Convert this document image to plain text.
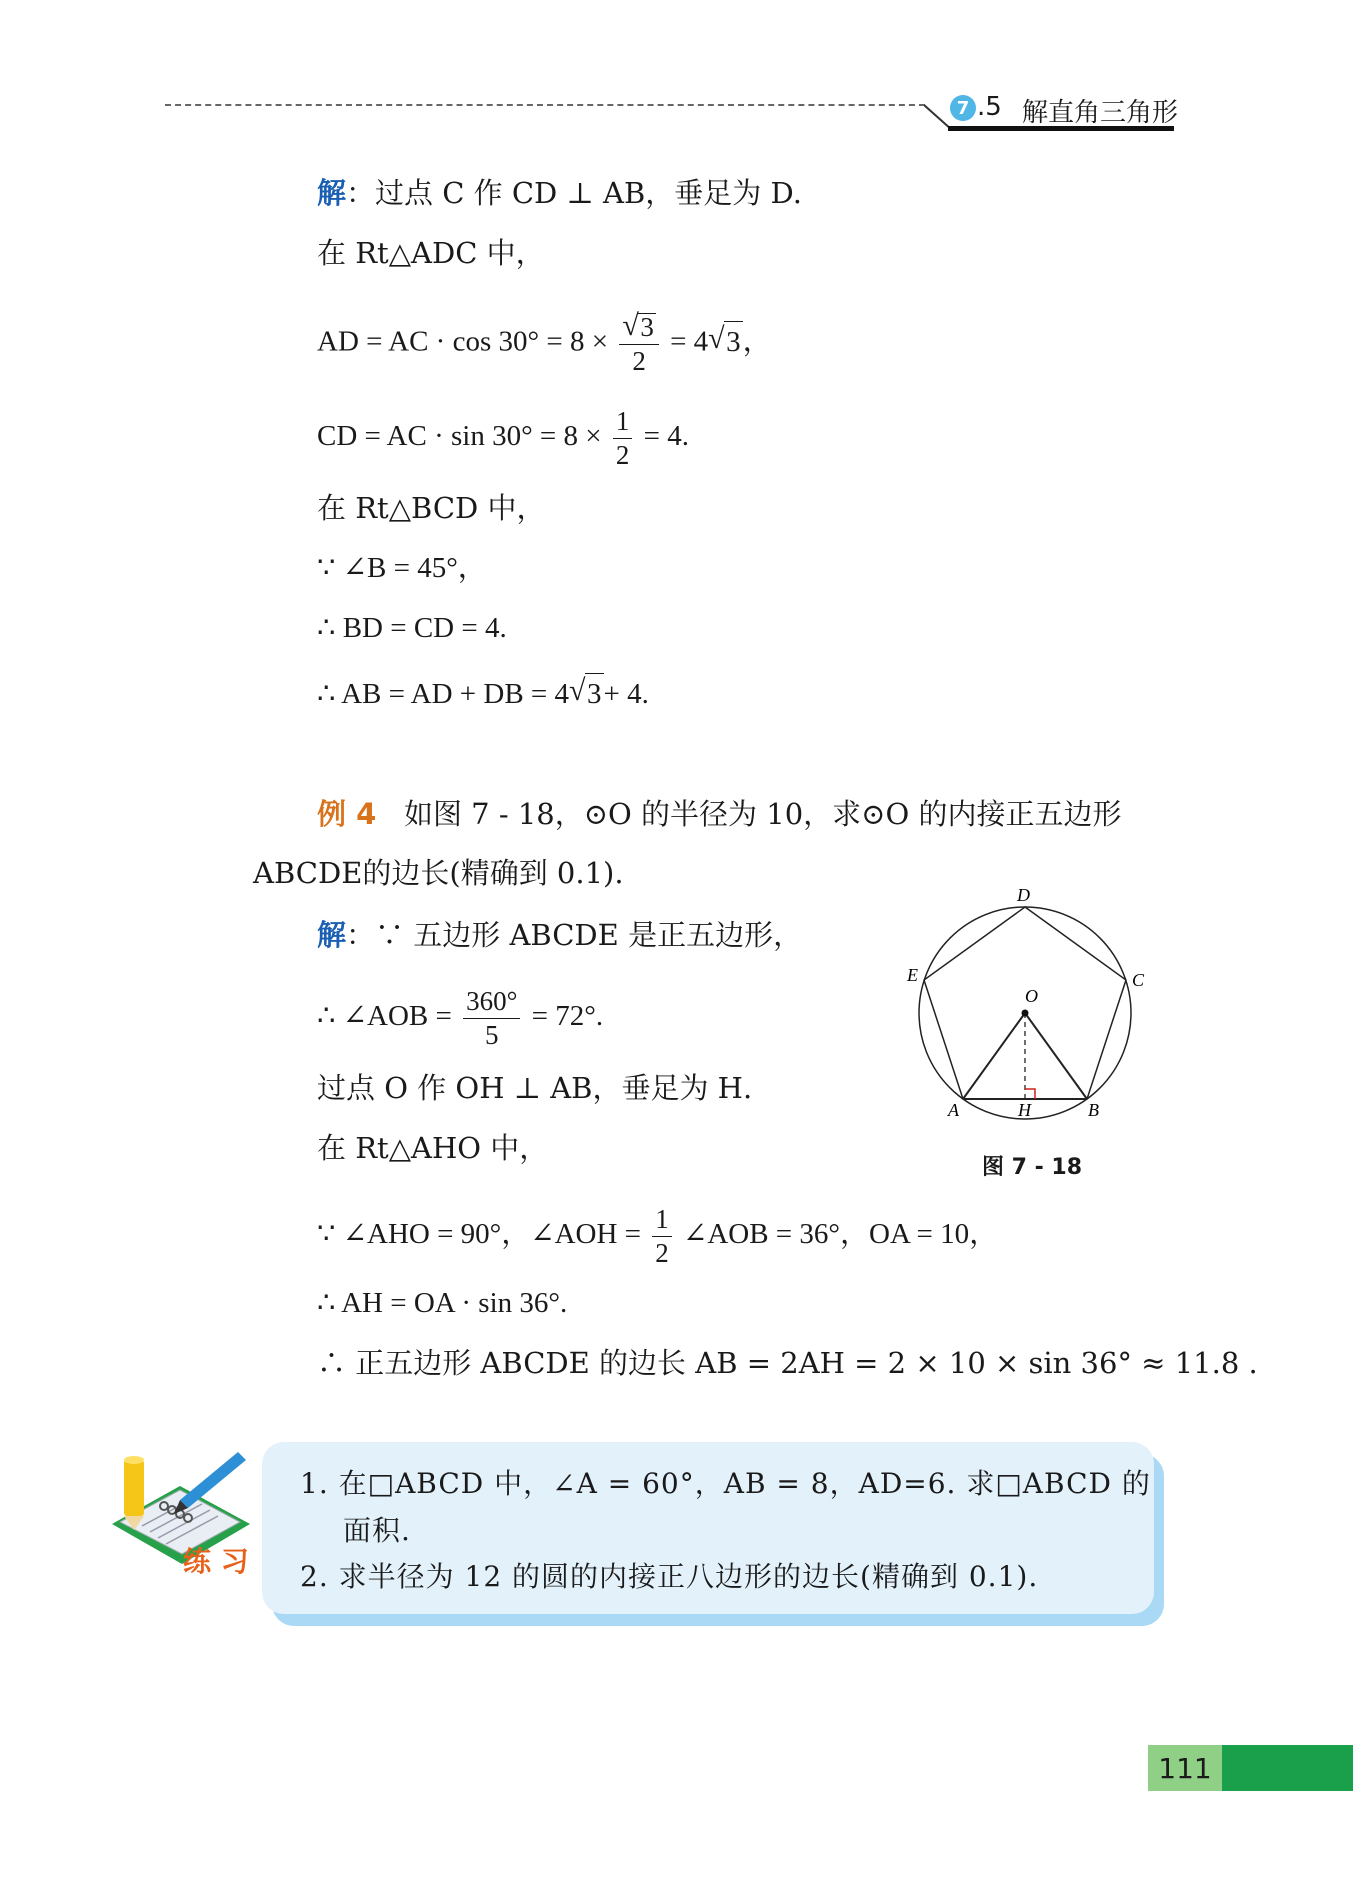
7 .5 解直角三角形
解：过点 C 作 CD ⊥ AB，垂足为 D.
在 Rt△ADC 中，
AD = AC · cos 30° = 8 ×
√ $\frac{3}{2} = 4√$ 3，
CD = AC · $\sin 30^\circ = 8 \times \frac{1}{2} = 4$.
在 Rt△BCD 中，
∵ ∠B = 45°，
∴ BD = CD = 4.
∴ AB = AD + DB = 4√ 3+ 4.
例 4 如图 7 - 18，⊙O 的半径为 10，求⊙O 的内接正五边形
ABCDE的边长(精确到 0.1).
解：∵ 五边形 ABCDE 是正五边形，
∴ ∠AOB = $\frac{360^\circ}{5} = 72^\circ$.
过点 O 作 OH ⊥ AB，垂足为 H.
在 Rt△AHO 中，
∵ ∠AHO = 90°，∠AOH = $\frac{1}{2}$ ∠AOB = 36°，OA = 10，
∴ AH = OA · sin 36°.
∴ 正五边形 ABCDE 的边长 AB = 2AH = 2 × 10 × sin 36° ≈ 11.8 .
D
E	C
O
A	H	B
图 7 - 18
1. 在□ABCD 中，∠A = 60°，AB = 8，AD=6. 求□ABCD 的
面积.
2. 求半径为 12 的圆的内接正八边形的边长(精确到 0.1).
练 习
111
